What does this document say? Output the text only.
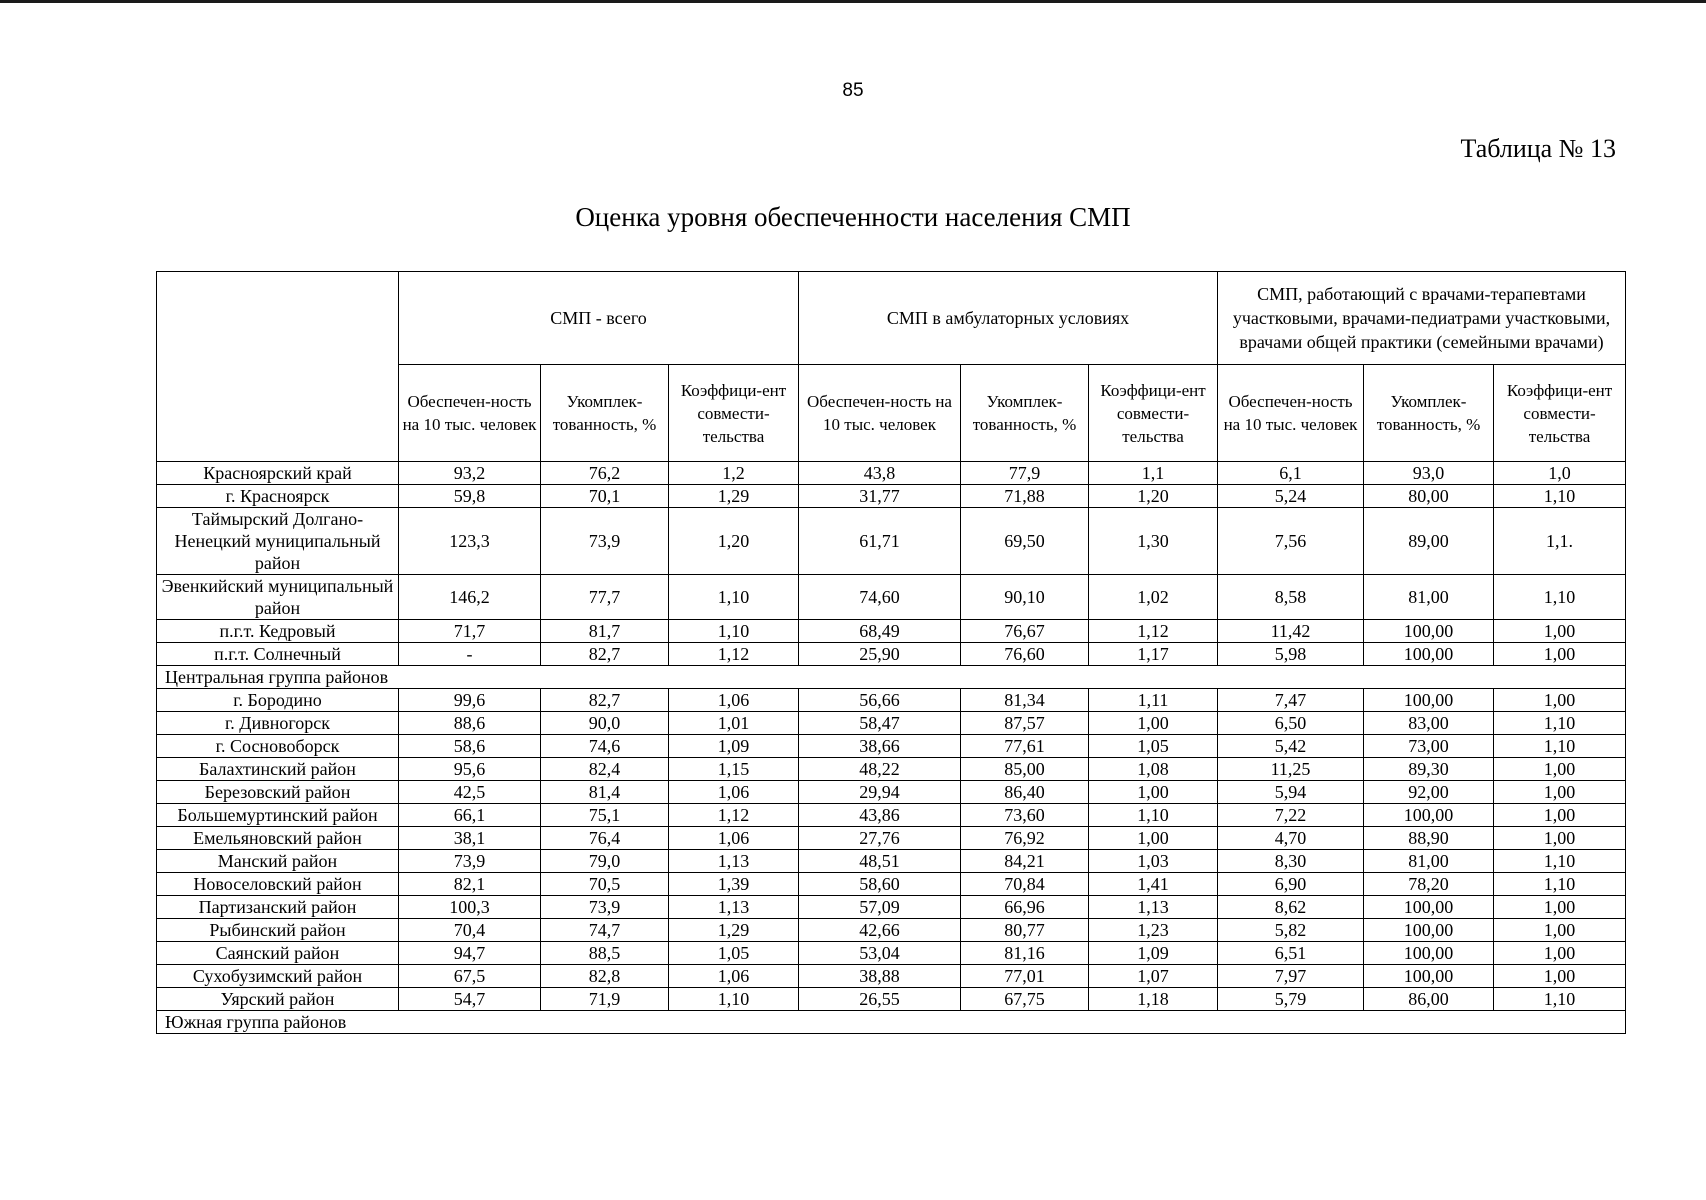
85
Таблица № 13
Оценка уровня обеспеченности населения СМП
	СМП - всего			СМП в амбулаторных условиях			СМП, работающий с врачами-терапевтами участковыми, врачами-педиатрами участковыми, врачами общей практики (семейными врачами)		
	Обеспечен-ность на 10 тыс. человек	Укомплек-тованность, %	Коэффици-ент совмести-тельства	Обеспечен-ность на 10 тыс. человек	Укомплек-тованность, %	Коэффици-ент совмести-тельства	Обеспечен-ность на 10 тыс. человек	Укомплек-тованность, %	Коэффици-ент совмести-тельства
Красноярский край	93,2	76,2	1,2	43,8	77,9	1,1	6,1	93,0	1,0
г. Красноярск	59,8	70,1	1,29	31,77	71,88	1,20	5,24	80,00	1,10
Таймырский Долгано-Ненецкий муниципальный район	123,3	73,9	1,20	61,71	69,50	1,30	7,56	89,00	1,1.
Эвенкийский муниципальный район	146,2	77,7	1,10	74,60	90,10	1,02	8,58	81,00	1,10
п.г.т. Кедровый	71,7	81,7	1,10	68,49	76,67	1,12	11,42	100,00	1,00
п.г.т. Солнечный	-	82,7	1,12	25,90	76,60	1,17	5,98	100,00	1,00
Центральная группа районов									
г. Бородино	99,6	82,7	1,06	56,66	81,34	1,11	7,47	100,00	1,00
г. Дивногорск	88,6	90,0	1,01	58,47	87,57	1,00	6,50	83,00	1,10
г. Сосновоборск	58,6	74,6	1,09	38,66	77,61	1,05	5,42	73,00	1,10
Балахтинский район	95,6	82,4	1,15	48,22	85,00	1,08	11,25	89,30	1,00
Березовский район	42,5	81,4	1,06	29,94	86,40	1,00	5,94	92,00	1,00
Большемуртинский район	66,1	75,1	1,12	43,86	73,60	1,10	7,22	100,00	1,00
Емельяновский район	38,1	76,4	1,06	27,76	76,92	1,00	4,70	88,90	1,00
Манский район	73,9	79,0	1,13	48,51	84,21	1,03	8,30	81,00	1,10
Новоселовский район	82,1	70,5	1,39	58,60	70,84	1,41	6,90	78,20	1,10
Партизанский район	100,3	73,9	1,13	57,09	66,96	1,13	8,62	100,00	1,00
Рыбинский район	70,4	74,7	1,29	42,66	80,77	1,23	5,82	100,00	1,00
Саянский район	94,7	88,5	1,05	53,04	81,16	1,09	6,51	100,00	1,00
Сухобузимский район	67,5	82,8	1,06	38,88	77,01	1,07	7,97	100,00	1,00
Уярский район	54,7	71,9	1,10	26,55	67,75	1,18	5,79	86,00	1,10
Южная группа районов									
